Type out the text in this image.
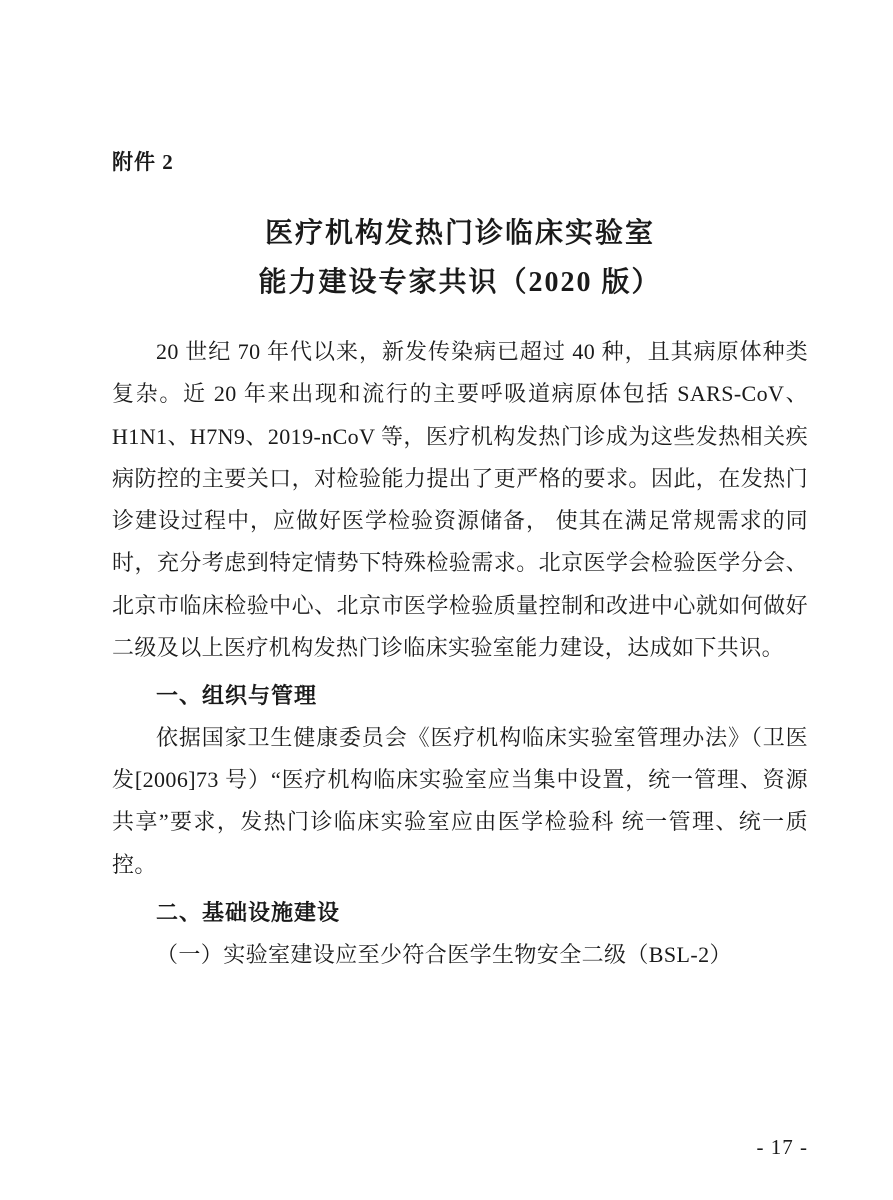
附件 2
医疗机构发热门诊临床实验室
能力建设专家共识（2020 版）

20 世纪 70 年代以来，新发传染病已超过 40 种，且其病原体种类复杂。近 20 年来出现和流行的主要呼吸道病原体包括 SARS-CoV、H1N1、H7N9、2019-nCoV 等，医疗机构发热门诊成为这些发热相关疾病防控的主要关口，对检验能力提出了更严格的要求。因此，在发热门诊建设过程中，应做好医学检验资源储备， 使其在满足常规需求的同时，充分考虑到特定情势下特殊检验需求。北京医学会检验医学分会、北京市临床检验中心、北京市医学检验质量控制和改进中心就如何做好二级及以上医疗机构发热门诊临床实验室能力建设，达成如下共识。

一、组织与管理

依据国家卫生健康委员会《医疗机构临床实验室管理办法》（卫医发[2006]73 号）“医疗机构临床实验室应当集中设置，统一管理、资源共享”要求，发热门诊临床实验室应由医学检验科 统一管理、统一质控。

二、基础设施建设

（一）实验室建设应至少符合医学生物安全二级（BSL-2）

- 17 -
